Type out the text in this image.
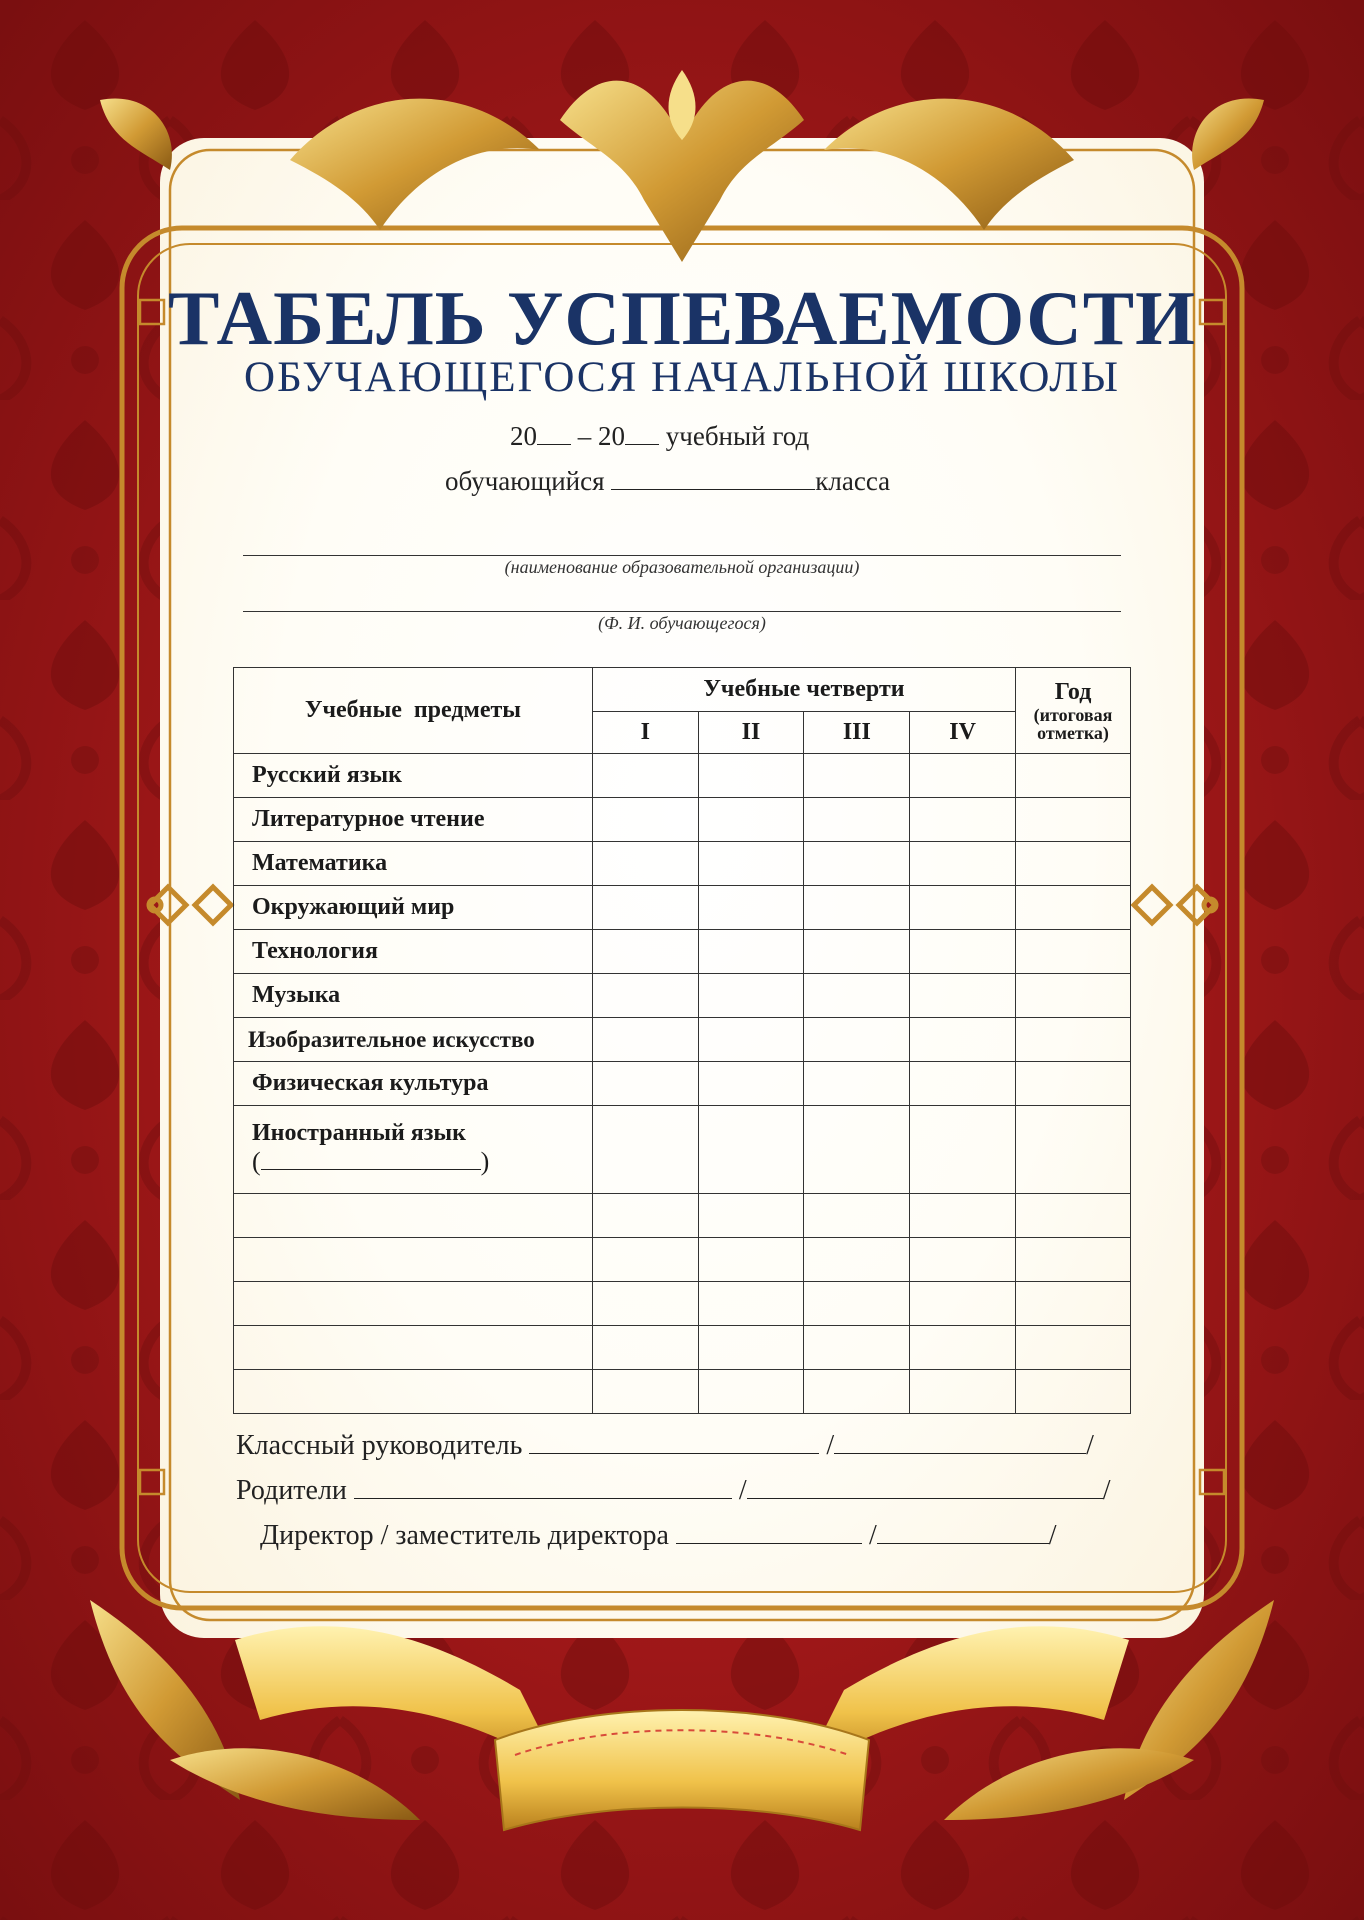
ТАБЕЛЬ УСПЕВАЕМОСТИ
ОБУЧАЮЩЕГОСЯ НАЧАЛЬНОЙ ШКОЛЫ
20 – 20 учебный год
обучающийся	класса
(наименование образовательной организации)
(Ф. И. обучающегося)
Учебные  предметы	Учебные четверти				Год
(итоговая отметка)

	I	II	III	IV	
Русский язык					
Литературное чтение					
Математика					
Окружающий мир					
Технология					
Музыка					
Изобразительное искусство					
Физическая культура					

Иностранный язык
( )					

Классный руководитель	/	/
Родители	/	/
Директор / заместитель директора	/	/
